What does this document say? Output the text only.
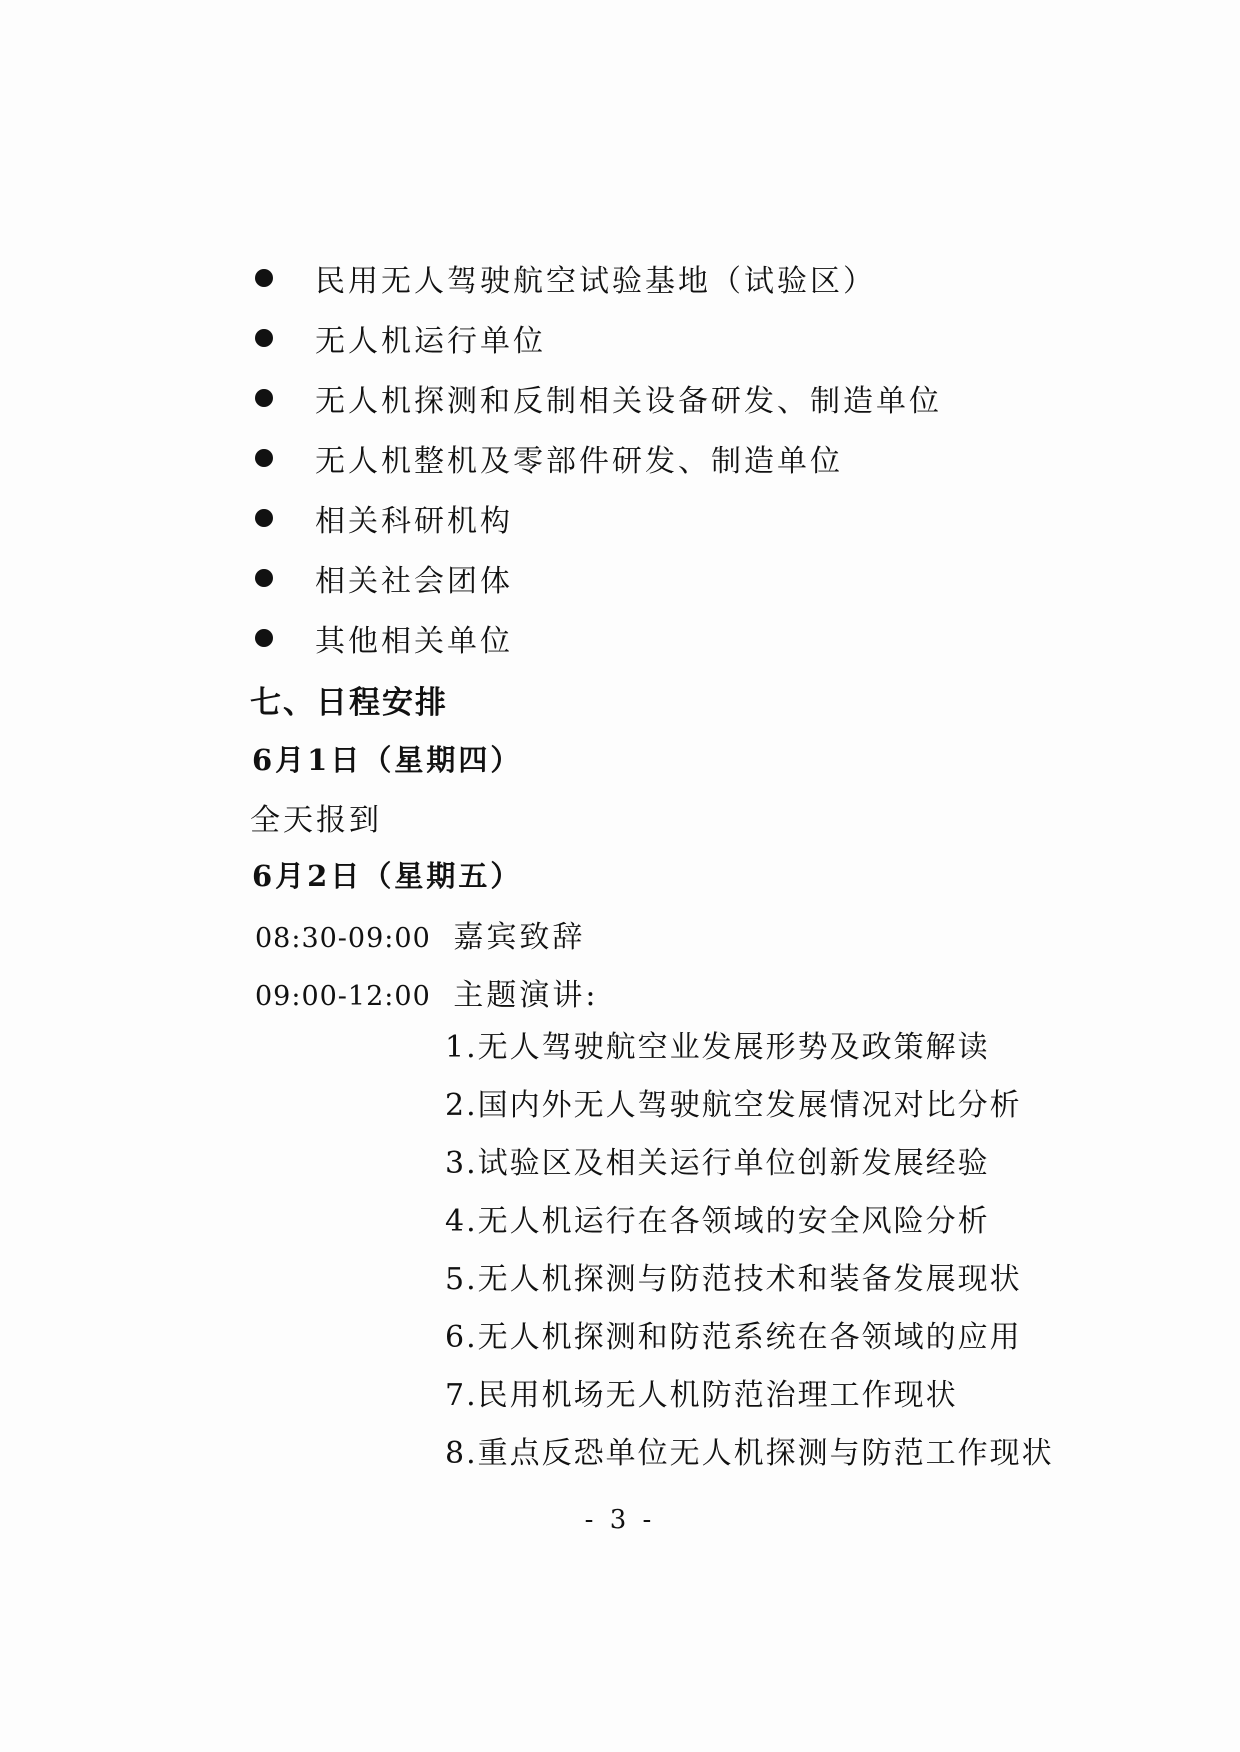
民用无人驾驶航空试验基地（试验区）
无人机运行单位
无人机探测和反制相关设备研发、制造单位
无人机整机及零部件研发、制造单位
相关科研机构
相关社会团体
其他相关单位
七、日程安排
6月1日（星期四）
全天报到
6月2日（星期五）
08:30-09:00 嘉宾致辞
09:00-12:00 主题演讲:
1.无人驾驶航空业发展形势及政策解读
2.国内外无人驾驶航空发展情况对比分析
3.试验区及相关运行单位创新发展经验
4.无人机运行在各领域的安全风险分析
5.无人机探测与防范技术和装备发展现状
6.无人机探测和防范系统在各领域的应用
7.民用机场无人机防范治理工作现状
8.重点反恐单位无人机探测与防范工作现状
- 3 -
